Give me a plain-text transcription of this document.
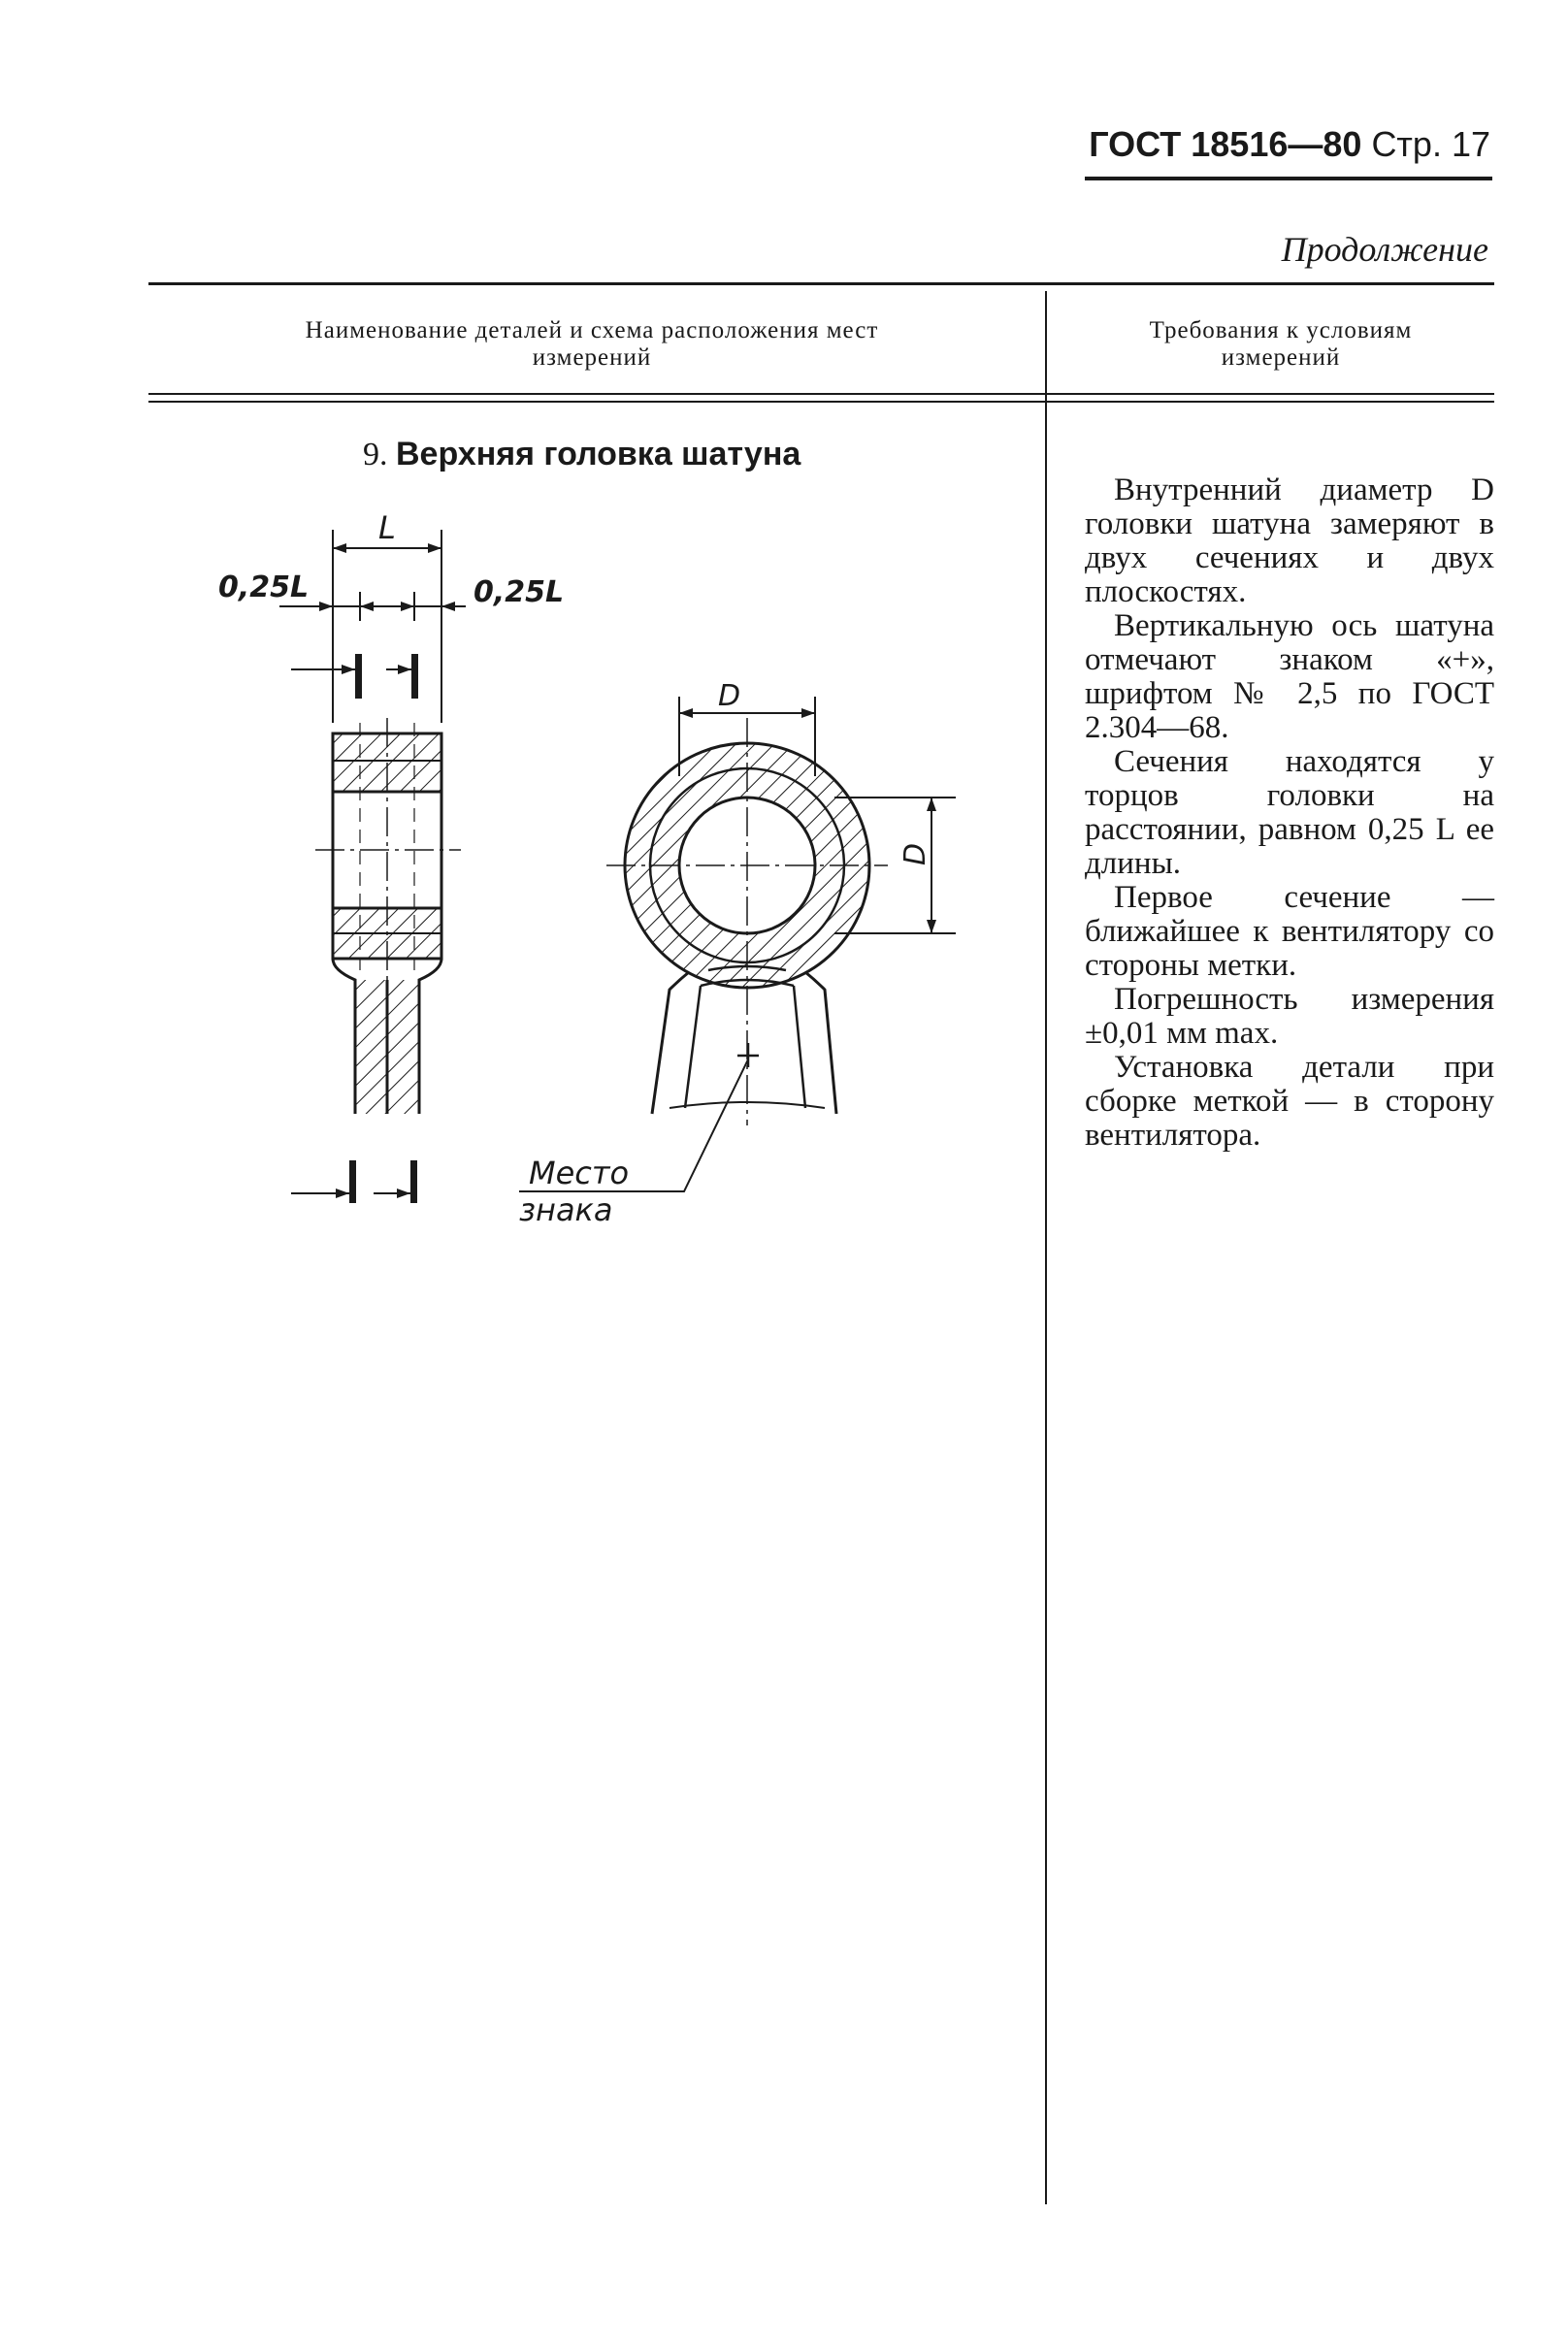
ГОСТ 18516—80 Стр. 17
Продолжение
Наименование деталей и схема расположения мест
измерений
Требования к условиям
измерений
9. Верхняя головка шатуна

Внутренний диаметр D головки шатуна замеряют в двух сечениях и двух плоскостях.

Вертикальную ось шатуна отмечают знаком «+», шрифтом № 2,5 по ГОСТ 2.304—68.

Сечения находятся у торцов головки на расстоянии, равном 0,25 L ее длины.

Первое сечение — ближайшее к вентилятору со стороны метки.

Погрешность измерения ±0,01 мм max.

Установка детали при сборке меткой — в сторону вентилятора.

L
0,25L	0,25L
D
D
Место
знака
